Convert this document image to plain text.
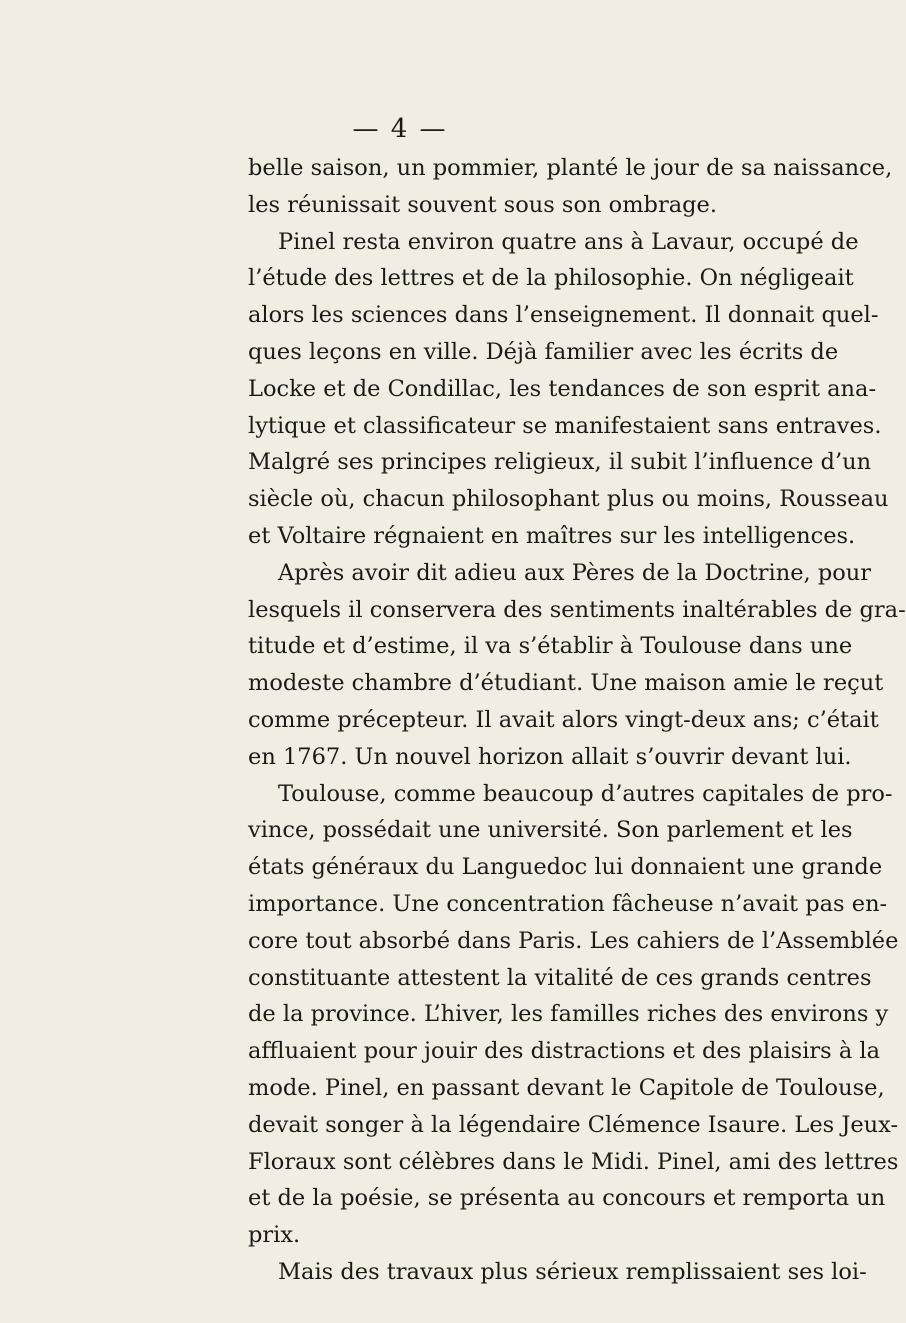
— 4 —
belle saison, un pommier, planté le jour de sa naissance,
les réunissait souvent sous son ombrage.
Pinel resta environ quatre ans à Lavaur, occupé de
l’étude des lettres et de la philosophie. On négligeait
alors les sciences dans l’enseignement. Il donnait quel-
ques leçons en ville. Déjà familier avec les écrits de
Locke et de Condillac, les tendances de son esprit ana-
lytique et classificateur se manifestaient sans entraves.
Malgré ses principes religieux, il subit l’influence d’un
siècle où, chacun philosophant plus ou moins, Rousseau
et Voltaire régnaient en maîtres sur les intelligences.
Après avoir dit adieu aux Pères de la Doctrine, pour
lesquels il conservera des sentiments inaltérables de gra-
titude et d’estime, il va s’établir à Toulouse dans une
modeste chambre d’étudiant. Une maison amie le reçut
comme précepteur. Il avait alors vingt-deux ans; c’était
en 1767. Un nouvel horizon allait s’ouvrir devant lui.
Toulouse, comme beaucoup d’autres capitales de pro-
vince, possédait une université. Son parlement et les
états généraux du Languedoc lui donnaient une grande
importance. Une concentration fâcheuse n’avait pas en-
core tout absorbé dans Paris. Les cahiers de l’Assemblée
constituante attestent la vitalité de ces grands centres
de la province. L’hiver, les familles riches des environs y
affluaient pour jouir des distractions et des plaisirs à la
mode. Pinel, en passant devant le Capitole de Toulouse,
devait songer à la légendaire Clémence Isaure. Les Jeux-
Floraux sont célèbres dans le Midi. Pinel, ami des lettres
et de la poésie, se présenta au concours et remporta un
prix.
Mais des travaux plus sérieux remplissaient ses loi-
